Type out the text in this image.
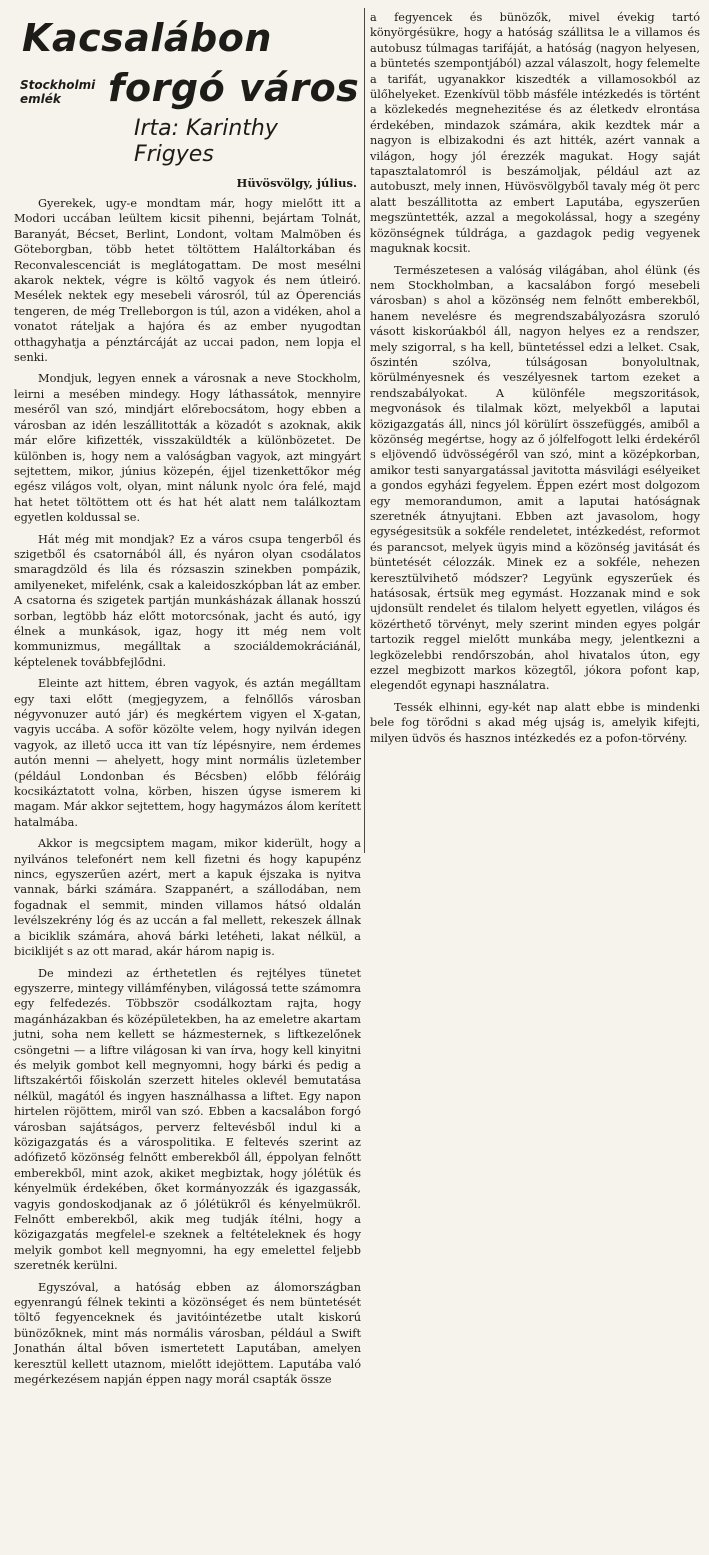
Kacsalábon
Stockholmi emlék	forgó város
Irta: Karinthy Frigyes
Hüvösvölgy, július.

Gyerekek, ugy-e mondtam már, hogy mielőtt itt a Modori uccában leültem kicsit pihenni, bejártam Tolnát, Baranyát, Bécset, Berlint, Londont, voltam Malmöben és Göteborgban, több hetet töltöttem Haláltorkában és Reconvalescenciát is meglátogattam. De most mesélni akarok nektek, végre is költő vagyok és nem útleiró. Mesélek nektek egy mesebeli városról, túl az Óperenciás tengeren, de még Trelleborgon is túl, azon a vidéken, ahol a vonatot ráteljak a hajóra és az ember nyugodtan otthagyhatja a pénztárcáját az uccai padon, nem lopja el senki.

Mondjuk, legyen ennek a városnak a neve Stockholm, leirni a mesében mindegy. Hogy láthassátok, mennyire meséről van szó, mindjárt előrebocsátom, hogy ebben a városban az idén leszállitották a közadót s azoknak, akik már előre kifizették, visszaküldték a különbözetet. De különben is, hogy nem a valóságban vagyok, azt mingyárt sejtettem, mikor, június közepén, éjjel tizenkettőkor még egész világos volt, olyan, mint nálunk nyolc óra felé, majd hat hetet töltöttem ott és hat hét alatt nem találkoztam egyetlen koldussal se.

Hát még mit mondjak? Ez a város csupa tengerből és szigetből és csatornából áll, és nyáron olyan csodálatos smaragdzöld és lila és rózsaszin szinekben pompázik, amilyeneket, mifelénk, csak a kaleidoszkópban lát az ember. A csatorna és szigetek partján munkásházak állanak hosszú sorban, legtöbb ház előtt motorcsónak, jacht és autó, igy élnek a munkások, igaz, hogy itt még nem volt kommunizmus, megálltak a szociáldemokráciánál, képtelenek továbbfejlődni.

Eleinte azt hittem, ébren vagyok, és aztán megálltam egy taxi előtt (megjegyzem, a felnőllős városban négyvonuzer autó jár) és megkértem vigyen el X-gatan, vagyis uccába. A soför közölte velem, hogy nyilván idegen vagyok, az illető ucca itt van tíz lépésnyire, nem érdemes autón menni — ahelyett, hogy mint normális üzletember (például Londonban és Bécsben) előbb félóráig kocsikáztatott volna, körben, hiszen úgyse ismerem ki magam. Már akkor sejtettem, hogy hagymázos álom kerített hatalmába.

Akkor is megcsiptem magam, mikor kiderült, hogy a nyilvános telefonért nem kell fizetni és hogy kapupénz nincs, egyszerűen azért, mert a kapuk éjszaka is nyitva vannak, bárki számára. Szappanért, a szállodában, nem fogadnak el semmit, minden villamos hátsó oldalán levélszekrény lóg és az uccán a fal mellett, rekeszek állnak a biciklik számára, ahová bárki letéheti, lakat nélkül, a biciklijét s az ott marad, akár három napig is.

De mindezi az érthetetlen és rejtélyes tünetet egyszerre, mintegy villámfényben, világossá tette számomra egy felfedezés. Többször csodálkoztam rajta, hogy magánházakban és középületekben, ha az emeletre akartam jutni, soha nem kellett se házmesternek, s liftkezelőnek csöngetni — a liftre világosan ki van írva, hogy kell kinyitni és melyik gombot kell megnyomni, hogy bárki és pedig a liftszakértői főiskolán szerzett hiteles oklevél bemutatása nélkül, magától és ingyen használhassa a liftet. Egy napon hirtelen röjöttem, miről van szó. Ebben a kacsalábon forgó városban sajátságos, perverz feltevésből indul ki a közigazgatás és a várospolitika. E feltevés szerint az adófizető közönség felnőtt emberekből áll, éppolyan felnőtt emberekből, mint azok, akiket megbiztak, hogy jólétük és kényelmük érdekében, őket kormányozzák és igazgassák, vagyis gondoskodjanak az ő jólétükről és kényelmükről. Felnőtt emberekből, akik meg tudják ítélni, hogy a közigazgatás megfelel-e szeknek a feltételeknek és hogy melyik gombot kell megnyomni, ha egy emelettel feljebb szeretnék kerülni.

Egyszóval, a hatóság ebben az álomországban egyenrangú félnek tekinti a közönséget és nem büntetését töltő fegyenceknek és javitóintézetbe utalt kiskorú bünözőknek, mint más normális városban, például a Swift Jonathán által bőven ismertetett Laputában, amelyen keresztül kellett utaznom, mielőtt idejöttem. Laputába való megérkezésem napján éppen nagy morál csapták össze

a fegyencek és bünözők, mivel évekig tartó könyörgésükre, hogy a hatóság szállitsa le a villamos és autobusz túlmagas tarifáját, a hatóság (nagyon helyesen, a büntetés szempontjából) azzal válaszolt, hogy felemelte a tarifát, ugyanakkor kiszedték a villamosokból az ülőhelyeket. Ezenkívül több másféle intézkedés is történt a közlekedés megnehezitése és az életkedv elrontása érdekében, mindazok számára, akik kezdtek már a nagyon is elbizakodni és azt hitték, azért vannak a világon, hogy jól érezzék magukat. Hogy saját tapasztalatomról is beszámoljak, például azt az autobuszt, mely innen, Hüvösvölgyből tavaly még öt perc alatt beszállitotta az embert Laputába, egyszerűen megszüntették, azzal a megokolással, hogy a szegény közönségnek túldrága, a gazdagok pedig vegyenek maguknak kocsit.

Természetesen a valóság világában, ahol élünk (és nem Stockholmban, a kacsalábon forgó mesebeli városban) s ahol a közönség nem felnőtt emberekből, hanem nevelésre és megrendszabályozásra szoruló vásott kiskorúakból áll, nagyon helyes ez a rendszer, mely szigorral, s ha kell, büntetéssel edzi a lelket. Csak, őszintén szólva, túlságosan bonyolultnak, körülményesnek és veszélyesnek tartom ezeket a rendszabályokat. A különféle megszoritások, megvonások és tilalmak közt, melyekből a laputai közigazgatás áll, nincs jól körülírt összefüggés, amiből a közönség megértse, hogy az ő jólfelfogott lelki érdekéről s eljövendő üdvösségéről van szó, mint a középkorban, amikor testi sanyargatással javitotta másvilági esélyeiket a gondos egyházi fegyelem. Éppen ezért most dolgozom egy memorandumon, amit a laputai hatóságnak szeretnék átnyujtani. Ebben azt javasolom, hogy egységesitsük a sokféle rendeletet, intézkedést, reformot és parancsot, melyek ügyis mind a közönség javitását és büntetését célozzák. Minek ez a sokféle, nehezen keresztülvihető módszer? Legyünk egyszerűek és hatásosak, értsük meg egymást. Hozzanak mind e sok ujdonsült rendelet és tilalom helyett egyetlen, világos és közérthető törvényt, mely szerint minden egyes polgár tartozik reggel mielőtt munkába megy, jelentkezni a legközelebbi rendőrszobán, ahol hivatalos úton, egy ezzel megbizott markos közegtől, jókora pofont kap, elegendőt egynapi használatra.

Tessék elhinni, egy-két nap alatt ebbe is mindenki bele fog törődni s akad még ujság is, amelyik kifejti, milyen üdvös és hasznos intézkedés ez a pofon-törvény.
